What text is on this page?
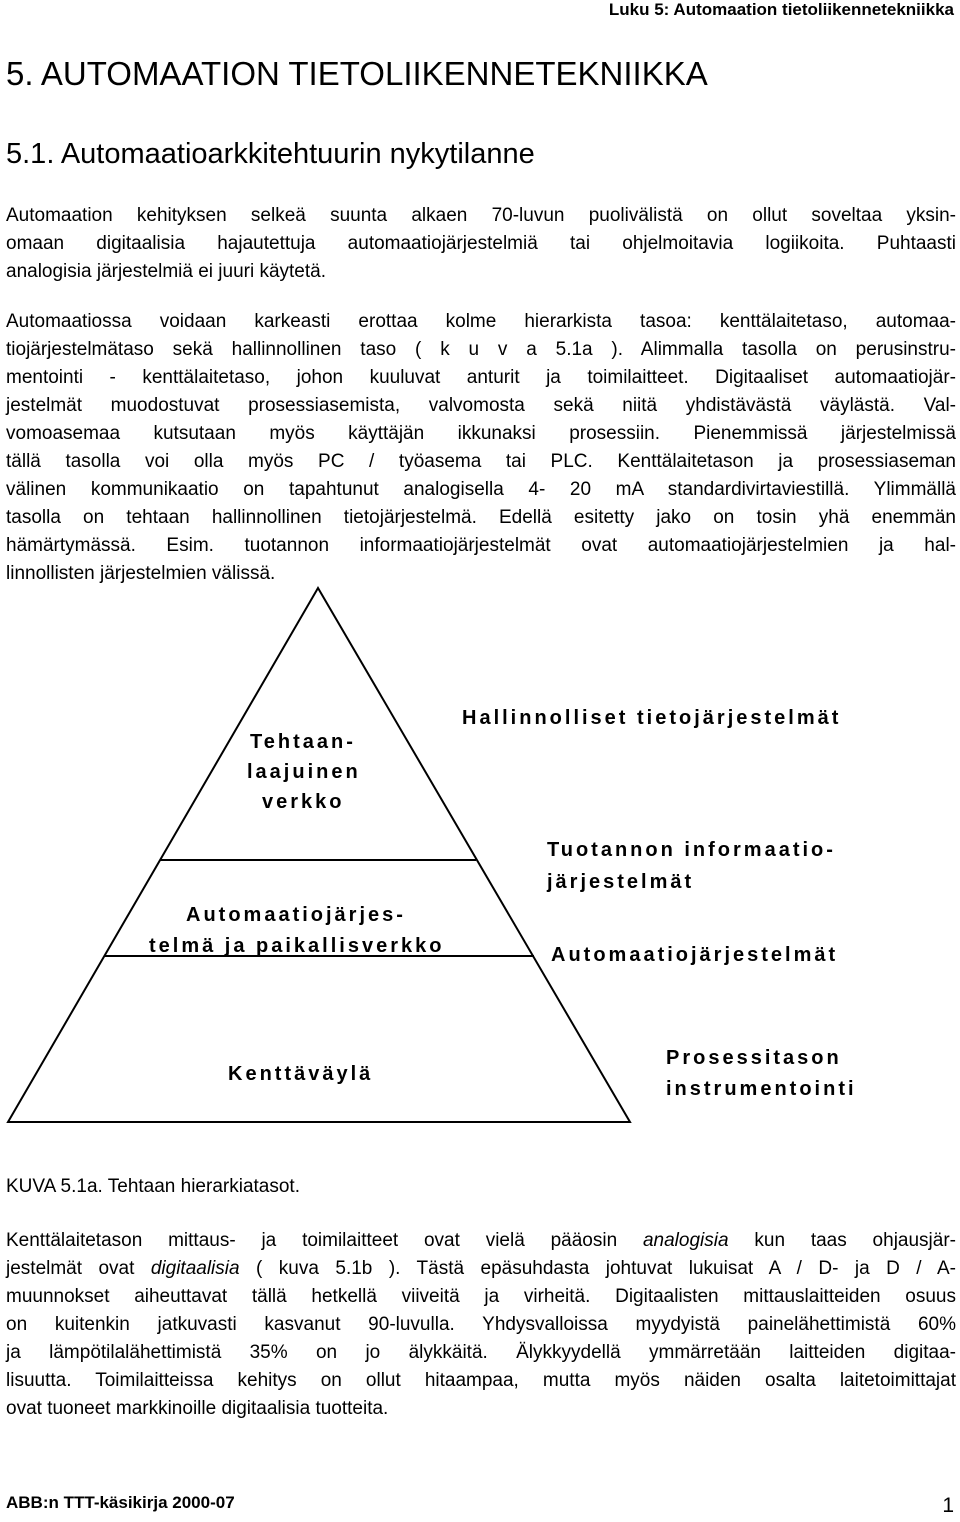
Luku 5: Automaation tietoliikennetekniikka
5. AUTOMAATION TIETOLIIKENNETEKNIIKKA
5.1. Automaatioarkkitehtuurin nykytilanne
Automaation kehityksen selkeä suunta alkaen 70-luvun puolivälistä on ollut soveltaa yksin-
omaan digitaalisia hajautettuja automaatiojärjestelmiä tai ohjelmoitavia logiikoita. Puhtaasti
analogisia järjestelmiä ei juuri käytetä.
Automaatiossa voidaan karkeasti erottaa kolme hierarkista tasoa: kenttälaitetaso, automaa-
tiojärjestelmätaso sekä hallinnollinen taso ( k u v a 5.1a ). Alimmalla tasolla on perusinstru-
mentointi - kenttälaitetaso, johon kuuluvat anturit ja toimilaitteet. Digitaaliset automaatiojär-
jestelmät muodostuvat prosessiasemista, valvomosta sekä niitä yhdistävästä väylästä. Val-
vomoasemaa kutsutaan myös käyttäjän ikkunaksi prosessiin. Pienemmissä järjestelmissä
tällä tasolla voi olla myös PC / työasema tai PLC. Kenttälaitetason ja prosessiaseman
välinen kommunikaatio on tapahtunut analogisella 4- 20 mA standardivirtaviestillä. Ylimmällä
tasolla on tehtaan hallinnollinen tietojärjestelmä. Edellä esitetty jako on tosin yhä enemmän
hämärtymässä. Esim. tuotannon informaatiojärjestelmät ovat automaatiojärjestelmien ja hal-
linnollisten järjestelmien välissä.
Tehtaan-laajuinen verkko
Automaatiojärjes-telmä ja paikallisverkko
Kenttäväylä
Hallinnolliset tietojärjestelmät
Tuotannon informaatio-järjestelmät
Automaatiojärjestelmät
Prosessitason instrumentointi
KUVA 5.1a. Tehtaan hierarkiatasot.
Kenttälaitetason mittaus- ja toimilaitteet ovat vielä pääosin analogisia kun taas ohjausjär-
jestelmät ovat digitaalisia ( kuva 5.1b ). Tästä epäsuhdasta johtuvat lukuisat A / D- ja D / A-
muunnokset aiheuttavat tällä hetkellä viiveitä ja virheitä. Digitaalisten mittauslaitteiden osuus
on kuitenkin jatkuvasti kasvanut 90-luvulla. Yhdysvalloissa myydyistä painelähettimistä 60%
ja lämpötilalähettimistä 35% on jo älykkäitä. Älykkyydellä ymmärretään laitteiden digitaa-
lisuutta. Toimilaitteissa kehitys on ollut hitaampaa, mutta myös näiden osalta laitetoimittajat
ovat tuoneet markkinoille digitaalisia tuotteita.
ABB:n TTT-käsikirja 2000-07	1
